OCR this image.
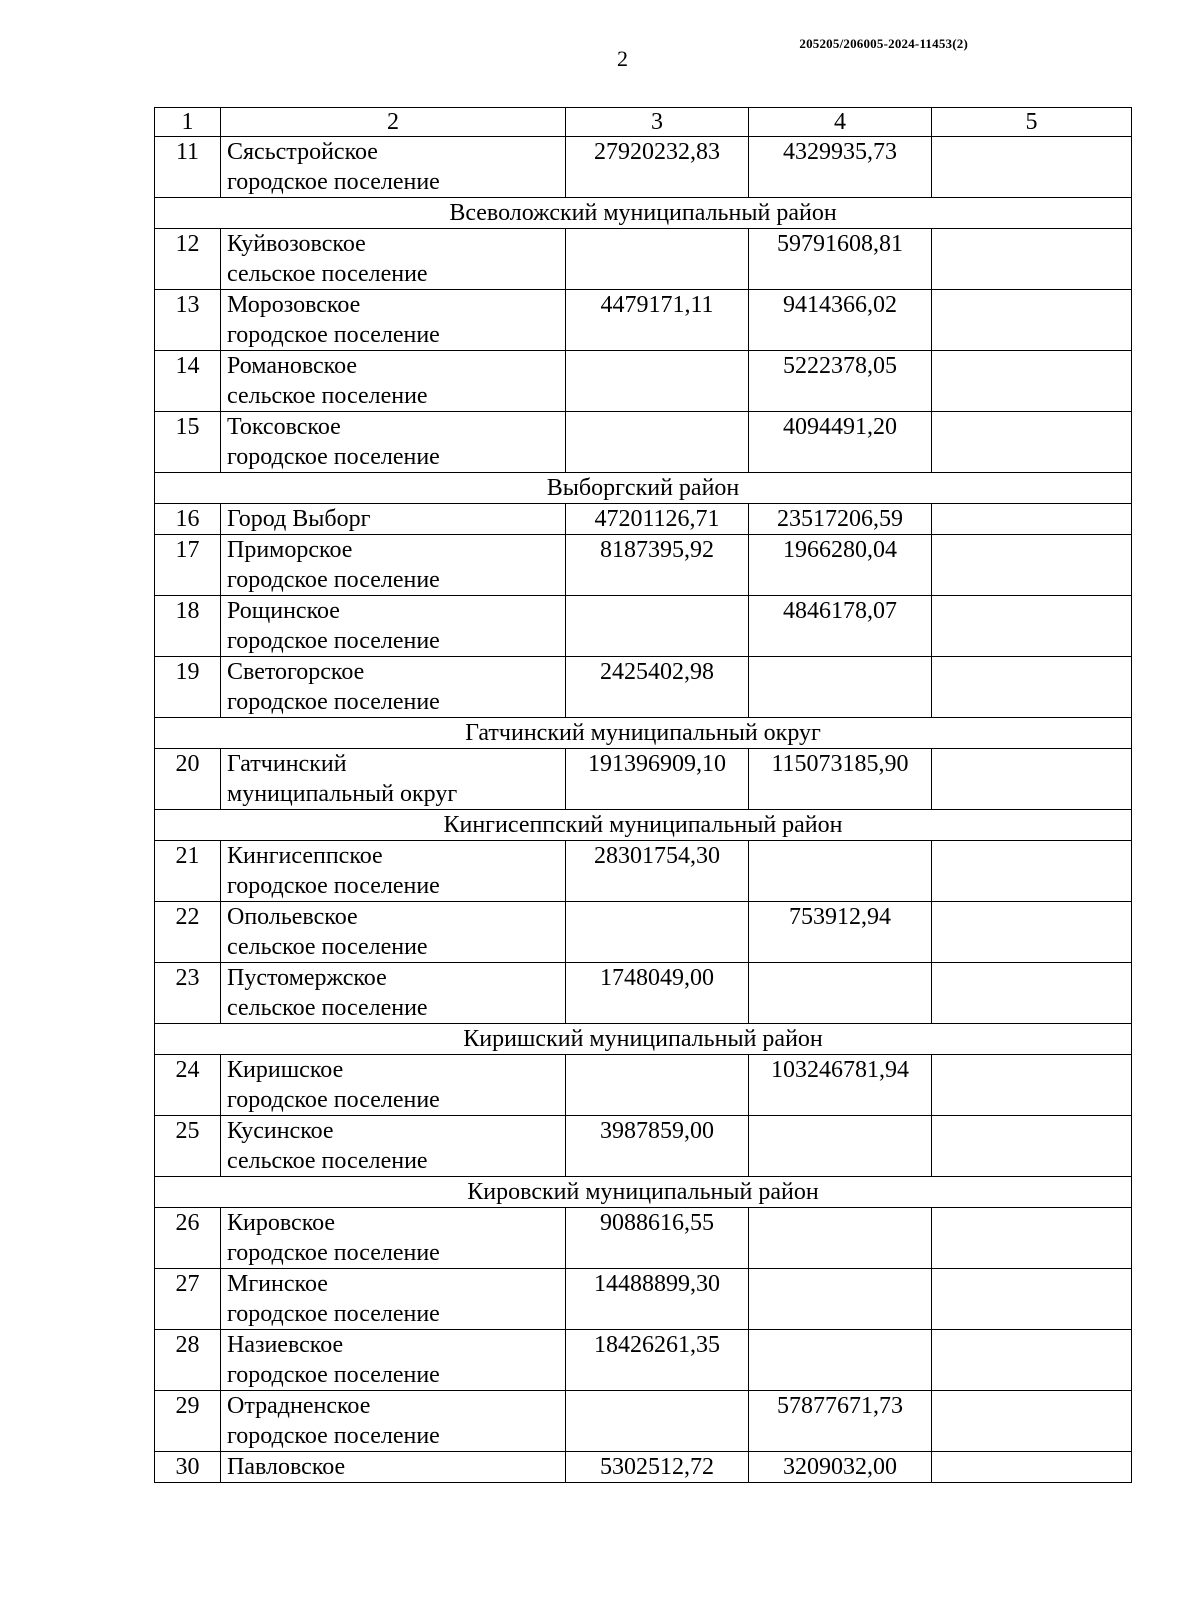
205205/206005-2024-11453(2)
2
1	2	3	4	5
11	Сясьстройское
городское поселение	27920232,83	4329935,73	
Всеволожский муниципальный район				
12	Куйвозовское
сельское поселение		59791608,81	
13	Морозовское
городское поселение	4479171,11	9414366,02	
14	Романовское
сельское поселение		5222378,05	
15	Токсовское
городское поселение		4094491,20	
Выборгский район				
16	Город Выборг	47201126,71	23517206,59	
17	Приморское
городское поселение	8187395,92	1966280,04	
18	Рощинское
городское поселение		4846178,07	
19	Светогорское
городское поселение	2425402,98		
Гатчинский муниципальный округ				
20	Гатчинский
муниципальный округ	191396909,10	115073185,90	
Кингисеппский муниципальный район				
21	Кингисеппское
городское поселение	28301754,30		
22	Опольевское
сельское поселение		753912,94	
23	Пустомержское
сельское поселение	1748049,00		
Киришский муниципальный район				
24	Киришское
городское поселение		103246781,94	
25	Кусинское
сельское поселение	3987859,00		
Кировский муниципальный район				
26	Кировское
городское поселение	9088616,55		
27	Мгинское
городское поселение	14488899,30		
28	Назиевское
городское поселение	18426261,35		
29	Отрадненское
городское поселение		57877671,73	
30	Павловское	5302512,72	3209032,00	
